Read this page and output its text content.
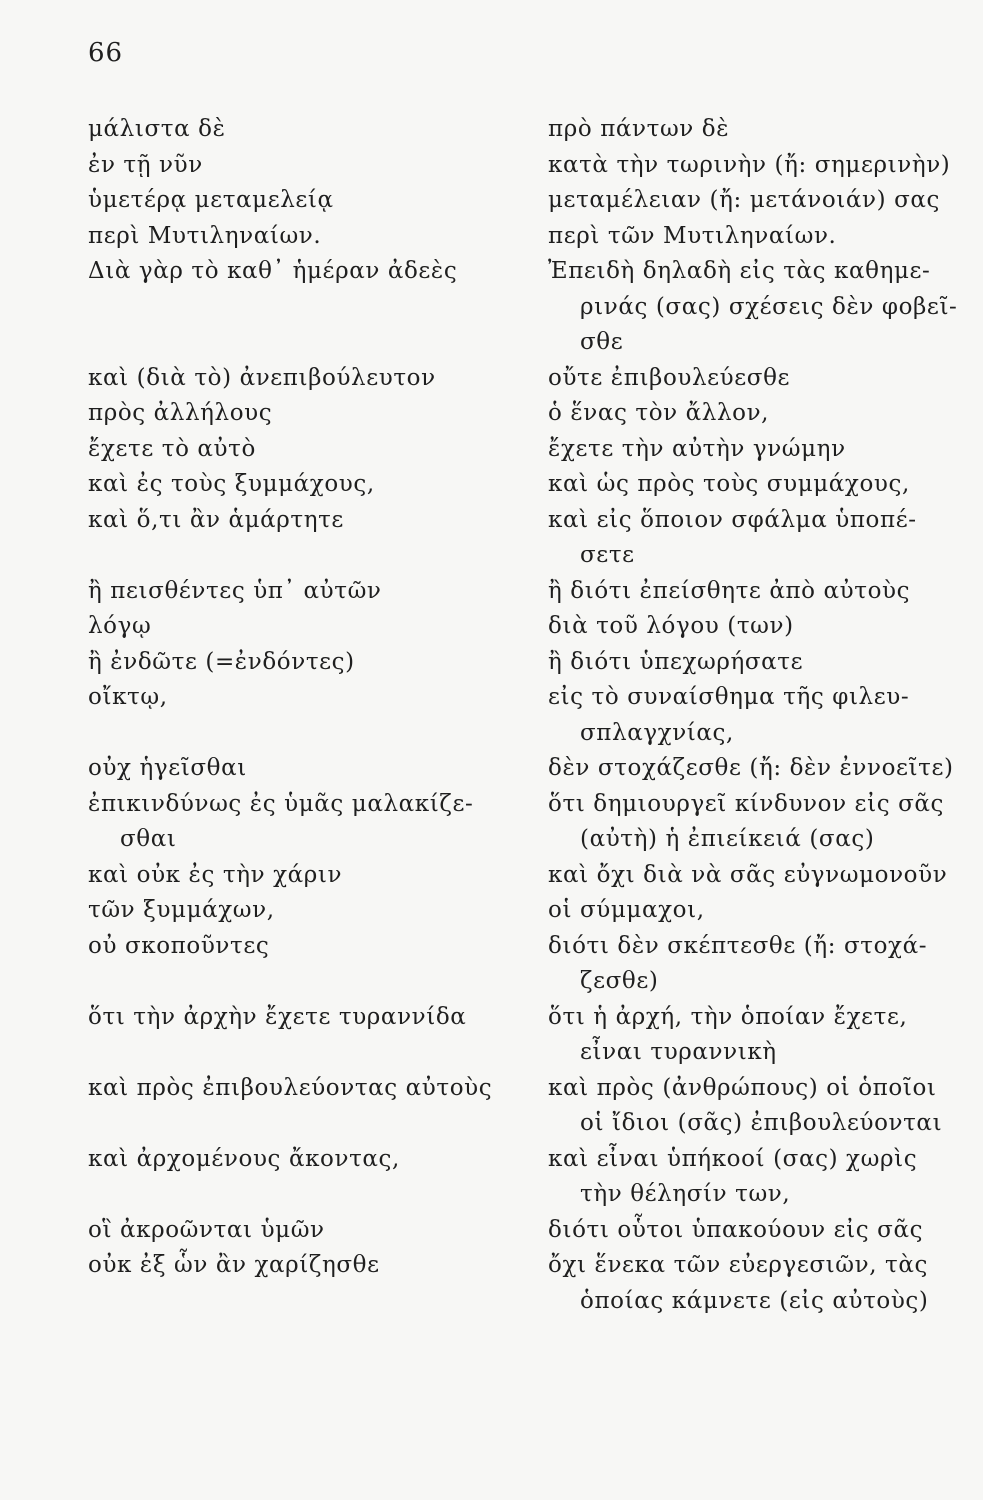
66
μάλιστα δὲ
ἐν τῇ νῦν
ὑμετέρᾳ μεταμελείᾳ
περὶ Μυτιληναίων.
Διὰ γὰρ τὸ καθ᾽ ἡμέραν ἀδεὲς
καὶ (διὰ τὸ) ἀνεπιβούλευτον
πρὸς ἀλλήλους
ἔχετε τὸ αὐτὸ
καὶ ἐς τοὺς ξυμμάχους,
καὶ ὅ,τι ἂν ἁμάρτητε
ἢ πεισθέντες ὑπ᾽ αὐτῶν
λόγῳ
ἢ ἐνδῶτε (=ἐνδόντες)
οἴκτῳ,
οὐχ ἡγεῖσθαι
ἐπικινδύνως ἐς ὑμᾶς μαλακίζε-
σθαι
καὶ οὐκ ἐς τὴν χάριν
τῶν ξυμμάχων,
οὐ σκοποῦντες
ὅτι τὴν ἀρχὴν ἔχετε τυραννίδα
καὶ πρὸς ἐπιβουλεύοντας αὐτοὺς
καὶ ἀρχομένους ἄκοντας,
οἳ ἀκροῶνται ὑμῶν
οὐκ ἐξ ὧν ἂν χαρίζησθε
πρὸ πάντων δὲ
κατὰ τὴν τωρινὴν (ἤ: σημερινὴν)
μεταμέλειαν (ἤ: μετάνοιάν) σας
περὶ τῶν Μυτιληναίων.
Ἐπειδὴ δηλαδὴ εἰς τὰς καθημε-
ρινάς (σας) σχέσεις δὲν φοβεῖ-
σθε
οὔτε ἐπιβουλεύεσθε
ὁ ἕνας τὸν ἄλλον,
ἔχετε τὴν αὐτὴν γνώμην
καὶ ὡς πρὸς τοὺς συμμάχους,
καὶ εἰς ὅποιον σφάλμα ὑποπέ-
σετε
ἢ διότι ἐπείσθητε ἀπὸ αὐτοὺς
διὰ τοῦ λόγου (των)
ἢ διότι ὑπεχωρήσατε
εἰς τὸ συναίσθημα τῆς φιλευ-
σπλαγχνίας,
δὲν στοχάζεσθε (ἤ: δὲν ἐννοεῖτε)
ὅτι δημιουργεῖ κίνδυνον εἰς σᾶς
(αὐτὴ) ἡ ἐπιείκειά (σας)
καὶ ὄχι διὰ νὰ σᾶς εὐγνωμονοῦν
οἱ σύμμαχοι,
διότι δὲν σκέπτεσθε (ἤ: στοχά-
ζεσθε)
ὅτι ἡ ἀρχή, τὴν ὁποίαν ἔχετε,
εἶναι τυραννικὴ
καὶ πρὸς (ἀνθρώπους) οἱ ὁποῖοι
οἱ ἴδιοι (σᾶς) ἐπιβουλεύονται
καὶ εἶναι ὑπήκοοί (σας) χωρὶς
τὴν θέλησίν των,
διότι οὗτοι ὑπακούουν εἰς σᾶς
ὄχι ἕνεκα τῶν εὐεργεσιῶν, τὰς
ὁποίας κάμνετε (εἰς αὐτοὺς)
